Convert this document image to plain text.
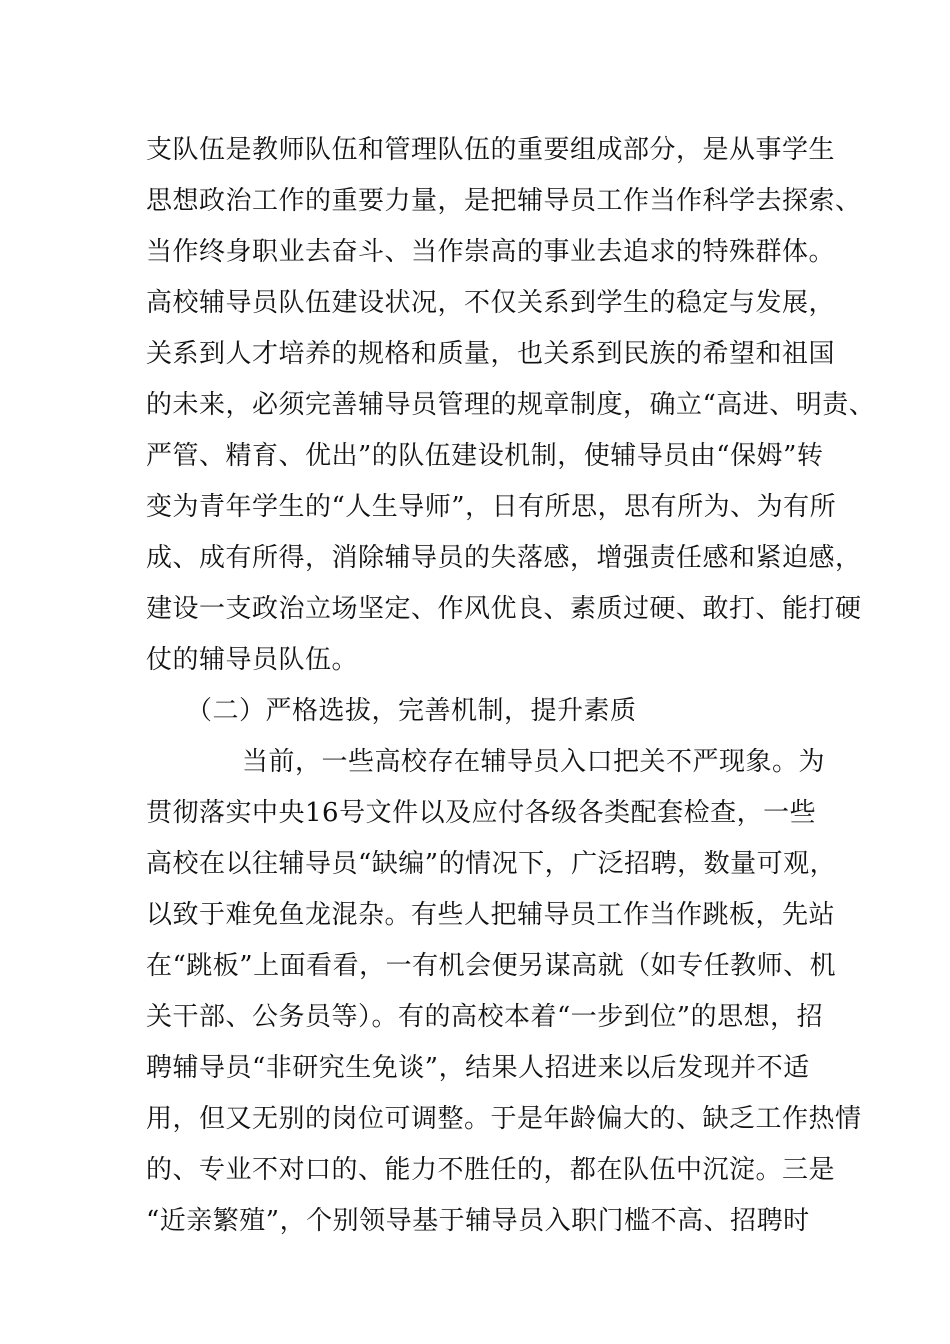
支队伍是教师队伍和管理队伍的重要组成部分，是从事学生
思想政治工作的重要力量，是把辅导员工作当作科学去探索、
当作终身职业去奋斗、当作崇高的事业去追求的特殊群体。
高校辅导员队伍建设状况，不仅关系到学生的稳定与发展，
关系到人才培养的规格和质量，也关系到民族的希望和祖国
的未来，必须完善辅导员管理的规章制度，确立“高进、明责、
严管、精育、优出”的队伍建设机制，使辅导员由“保姆”转
变为青年学生的“人生导师”，日有所思，思有所为、为有所
成、成有所得，消除辅导员的失落感，增强责任感和紧迫感，
建设一支政治立场坚定、作风优良、素质过硬、敢打、能打硬
仗的辅导员队伍。
（二）严格选拔，完善机制，提升素质
当前，一些高校存在辅导员入口把关不严现象。为
贯彻落实中央16号文件以及应付各级各类配套检查，一些
高校在以往辅导员“缺编”的情况下，广泛招聘，数量可观，
以致于难免鱼龙混杂。有些人把辅导员工作当作跳板，先站
在“跳板”上面看看，一有机会便另谋高就（如专任教师、机
关干部、公务员等）。有的高校本着“一步到位”的思想，招
聘辅导员“非研究生免谈”，结果人招进来以后发现并不适
用，但又无别的岗位可调整。于是年龄偏大的、缺乏工作热情
的、专业不对口的、能力不胜任的，都在队伍中沉淀。三是
“近亲繁殖”，个别领导基于辅导员入职门槛不高、招聘时
